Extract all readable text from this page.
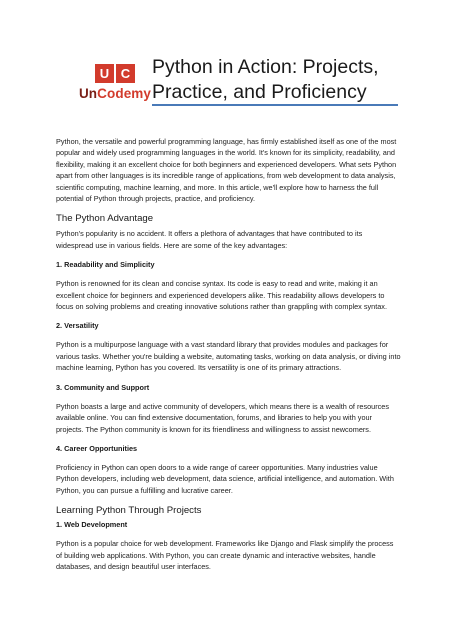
U C
UnCodemy
Python in Action: Projects, Practice, and Proficiency

Python, the versatile and powerful programming language, has firmly established itself as one of the most popular and widely used programming languages in the world. It's known for its simplicity, readability, and flexibility, making it an excellent choice for both beginners and experienced developers. What sets Python apart from other languages is its incredible range of applications, from web development to data analysis, scientific computing, machine learning, and more. In this article, we'll explore how to harness the full potential of Python through projects, practice, and proficiency.

The Python Advantage

Python's popularity is no accident. It offers a plethora of advantages that have contributed to its widespread use in various fields. Here are some of the key advantages:

1. Readability and Simplicity

Python is renowned for its clean and concise syntax. Its code is easy to read and write, making it an excellent choice for beginners and experienced developers alike. This readability allows developers to focus on solving problems and creating innovative solutions rather than grappling with complex syntax.

2. Versatility

Python is a multipurpose language with a vast standard library that provides modules and packages for various tasks. Whether you're building a website, automating tasks, working on data analysis, or diving into machine learning, Python has you covered. Its versatility is one of its primary attractions.

3. Community and Support

Python boasts a large and active community of developers, which means there is a wealth of resources available online. You can find extensive documentation, forums, and libraries to help you with your projects. The Python community is known for its friendliness and willingness to assist newcomers.

4. Career Opportunities

Proficiency in Python can open doors to a wide range of career opportunities. Many industries value Python developers, including web development, data science, artificial intelligence, and automation. With Python, you can pursue a fulfilling and lucrative career.

Learning Python Through Projects
1. Web Development

Python is a popular choice for web development. Frameworks like Django and Flask simplify the process of building web applications. With Python, you can create dynamic and interactive websites, handle databases, and design beautiful user interfaces.
